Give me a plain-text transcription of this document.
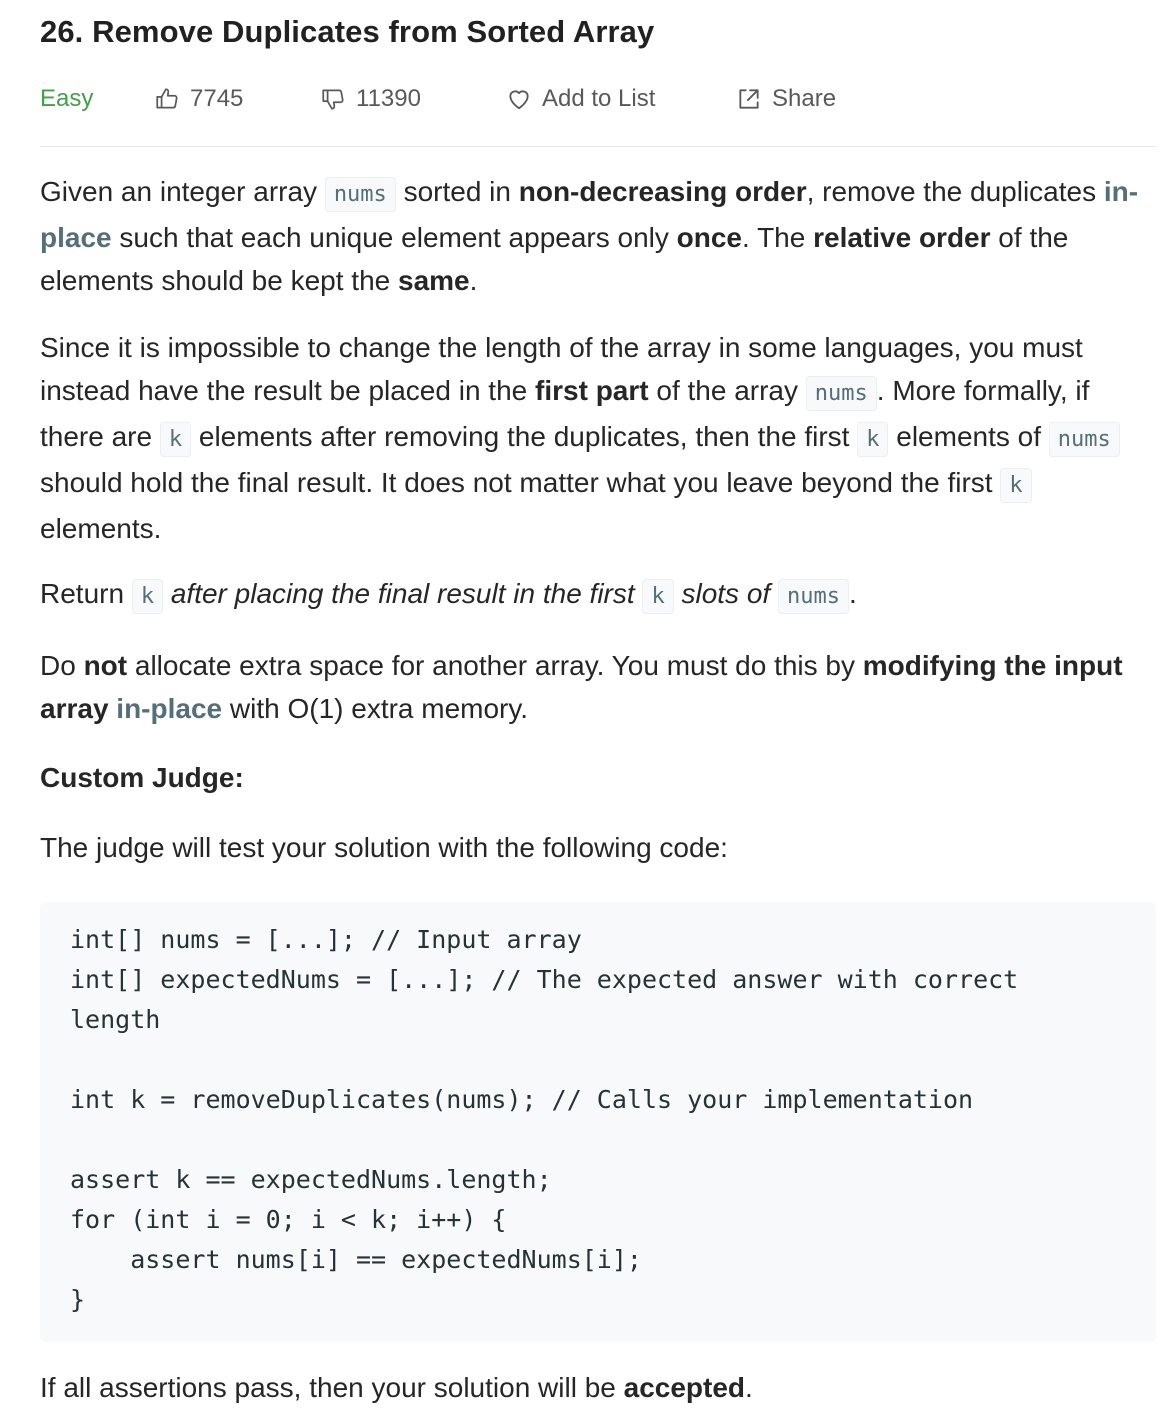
26. Remove Duplicates from Sorted Array
Easy	7745	11390	Add to List	Share

Given an integer array nums sorted in non-decreasing order, remove the duplicates in-place such that each unique element appears only once. The relative order of the elements should be kept the same.

Since it is impossible to change the length of the array in some languages, you must instead have the result be placed in the first part of the array nums . More formally, if there are k elements after removing the duplicates, then the first k elements of nums should hold the final result. It does not matter what you leave beyond the first k elements.

Return k after placing the final result in the first k slots of nums .

Do not allocate extra space for another array. You must do this by modifying the input array in-place with O(1) extra memory.

Custom Judge:

The judge will test your solution with the following code:

int[] nums = [...]; // Input array
int[] expectedNums = [...]; // The expected answer with correct
length

int k = removeDuplicates(nums); // Calls your implementation

assert k == expectedNums.length;
for (int i = 0; i < k; i++) {
assert nums[i] == expectedNums[i];
}

If all assertions pass, then your solution will be accepted.
